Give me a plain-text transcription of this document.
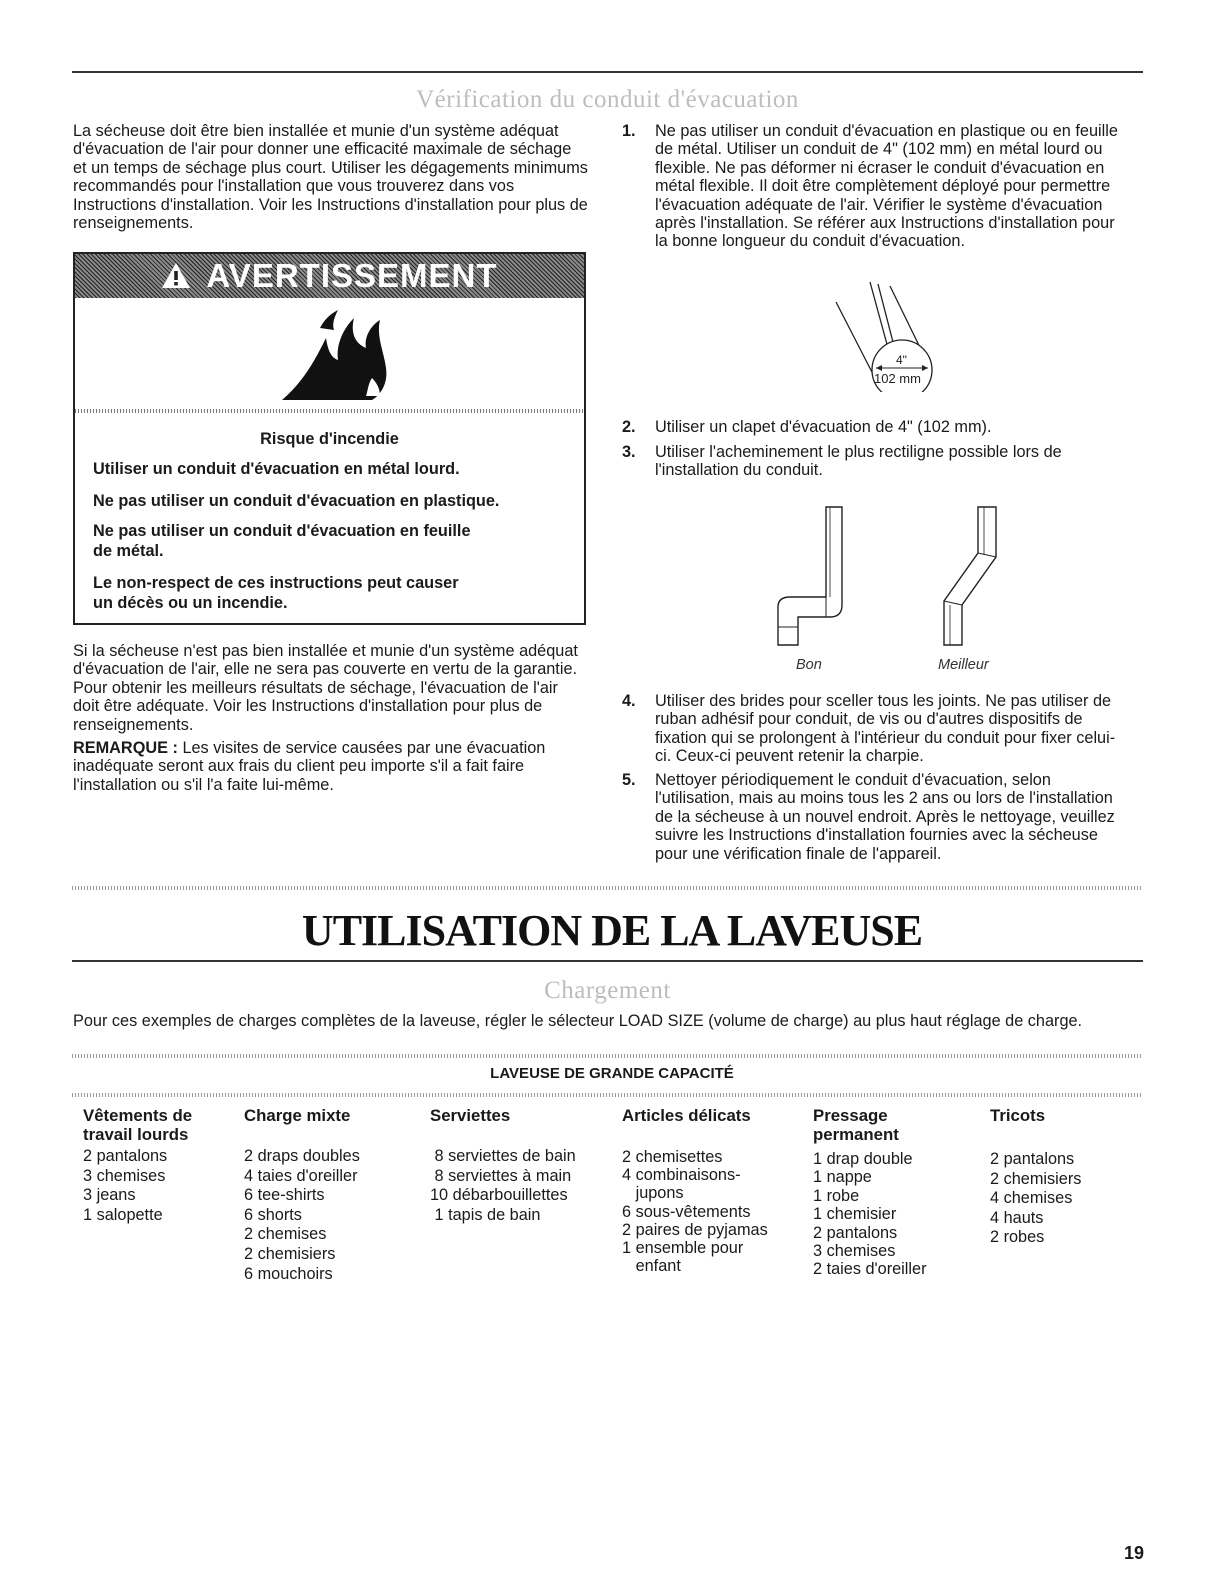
Vérification du conduit d'évacuation

La sécheuse doit être bien installée et munie d'un système adéquat d'évacuation de l'air pour donner une efficacité maximale de séchage et un temps de séchage plus court. Utiliser les dégagements minimums recommandés pour l'installation que vous trouverez dans vos Instructions d'installation. Voir les Instructions d'installation pour plus de renseignements.

AVERTISSEMENT
Risque d'incendie
Utiliser un conduit d'évacuation en métal lourd.
Ne pas utiliser un conduit d'évacuation en plastique.
Ne pas utiliser un conduit d'évacuation en feuille
de métal.
Le non-respect de ces instructions peut causer
un décès ou un incendie.

Si la sécheuse n'est pas bien installée et munie d'un système adéquat d'évacuation de l'air, elle ne sera pas couverte en vertu de la garantie. Pour obtenir les meilleurs résultats de séchage, l'évacuation de l'air doit être adéquate. Voir les Instructions d'installation pour plus de renseignements.

REMARQUE : Les visites de service causées par une évacuation inadéquate seront aux frais du client peu importe s'il a fait faire l'installation ou s'il l'a faite lui-même.

1. Ne pas utiliser un conduit d'évacuation en plastique ou en feuille de métal. Utiliser un conduit de 4" (102 mm) en métal lourd ou flexible. Ne pas déformer ni écraser le conduit d'évacuation en métal flexible. Il doit être complètement déployé pour permettre l'évacuation adéquate de l'air. Vérifier le système d'évacuation après l'installation. Se référer aux Instructions d'installation pour la bonne longueur du conduit d'évacuation.
4"
102 mm
2. Utiliser un clapet d'évacuation de 4" (102 mm).
3. Utiliser l'acheminement le plus rectiligne possible lors de l'installation du conduit.
Bon	Meilleur
4. Utiliser des brides pour sceller tous les joints. Ne pas utiliser de ruban adhésif pour conduit, de vis ou d'autres dispositifs de fixation qui se prolongent à l'intérieur du conduit pour fixer celui-ci. Ceux-ci peuvent retenir la charpie.
5. Nettoyer périodiquement le conduit d'évacuation, selon l'utilisation, mais au moins tous les 2 ans ou lors de l'installation de la sécheuse à un nouvel endroit. Après le nettoyage, veuillez suivre les Instructions d'installation fournies avec la sécheuse pour une vérification finale de l'appareil.
UTILISATION DE LA LAVEUSE
Chargement

Pour ces exemples de charges complètes de la laveuse, régler le sélecteur LOAD SIZE (volume de charge) au plus haut réglage de charge.

LAVEUSE DE GRANDE CAPACITÉ
Vêtements de
travail lourds
2 pantalons
3 chemises
3 jeans
1 salopette
Charge mixte
2 draps doubles
4 taies d'oreiller
6 tee-shirts
6 shorts
2 chemises
2 chemisiers
6 mouchoirs
Serviettes
8 serviettes de bain
8 serviettes à main
10 débarbouillettes
1 tapis de bain
Articles délicats
2 chemisettes
4 combinaisons-
jupons
6 sous-vêtements
2 paires de pyjamas
1 ensemble pour
enfant
Pressage
permanent
1 drap double
1 nappe
1 robe
1 chemisier
2 pantalons
3 chemises
2 taies d'oreiller
Tricots
2 pantalons
2 chemisiers
4 chemises
4 hauts
2 robes
19
